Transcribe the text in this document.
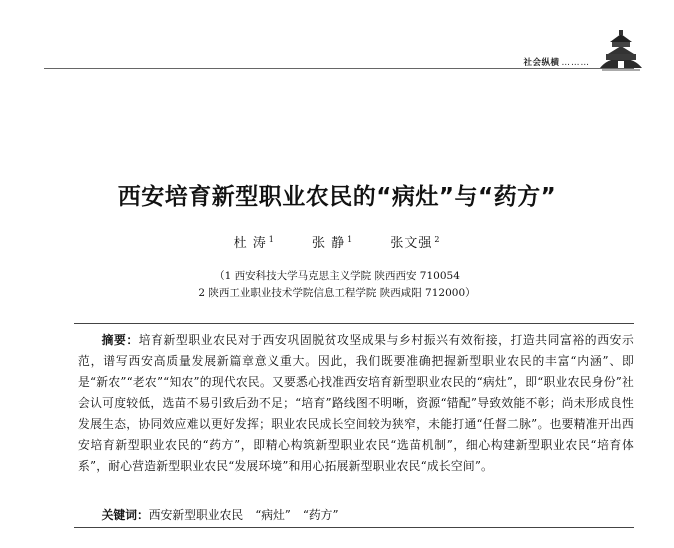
社会纵横 ………
西安培育新型职业农民的“病灶”与“药方”
杜 涛 $^1$	张 静 $^1$	张文强 $^2$
（1 西安科技大学马克思主义学院 陕西西安 710054
2 陕西工业职业技术学院信息工程学院 陕西咸阳 712000）

摘要：培育新型职业农民对于西安巩固脱贫攻坚成果与乡村振兴有效衔接，打造共同富裕的西安示范，谱写西安高质量发展新篇章意义重大。因此，我们既要准确把握新型职业农民的丰富“内涵”、即是“新农”“老农”“知农”的现代农民。又要悉心找准西安培育新型职业农民的“病灶”，即“职业农民身份”社会认可度较低，选苗不易引致后劲不足；“培育”路线图不明晰，资源“错配”导致效能不彰；尚未形成良性发展生态，协同效应难以更好发挥；职业农民成长空间较为狭窄，未能打通“任督二脉”。也要精准开出西安培育新型职业农民的“药方”，即精心构筑新型职业农民“选苗机制”，细心构建新型职业农民“培育体系”，耐心营造新型职业农民“发展环境”和用心拓展新型职业农民“成长空间”。

关键词：西安新型职业农民 “病灶” “药方”
